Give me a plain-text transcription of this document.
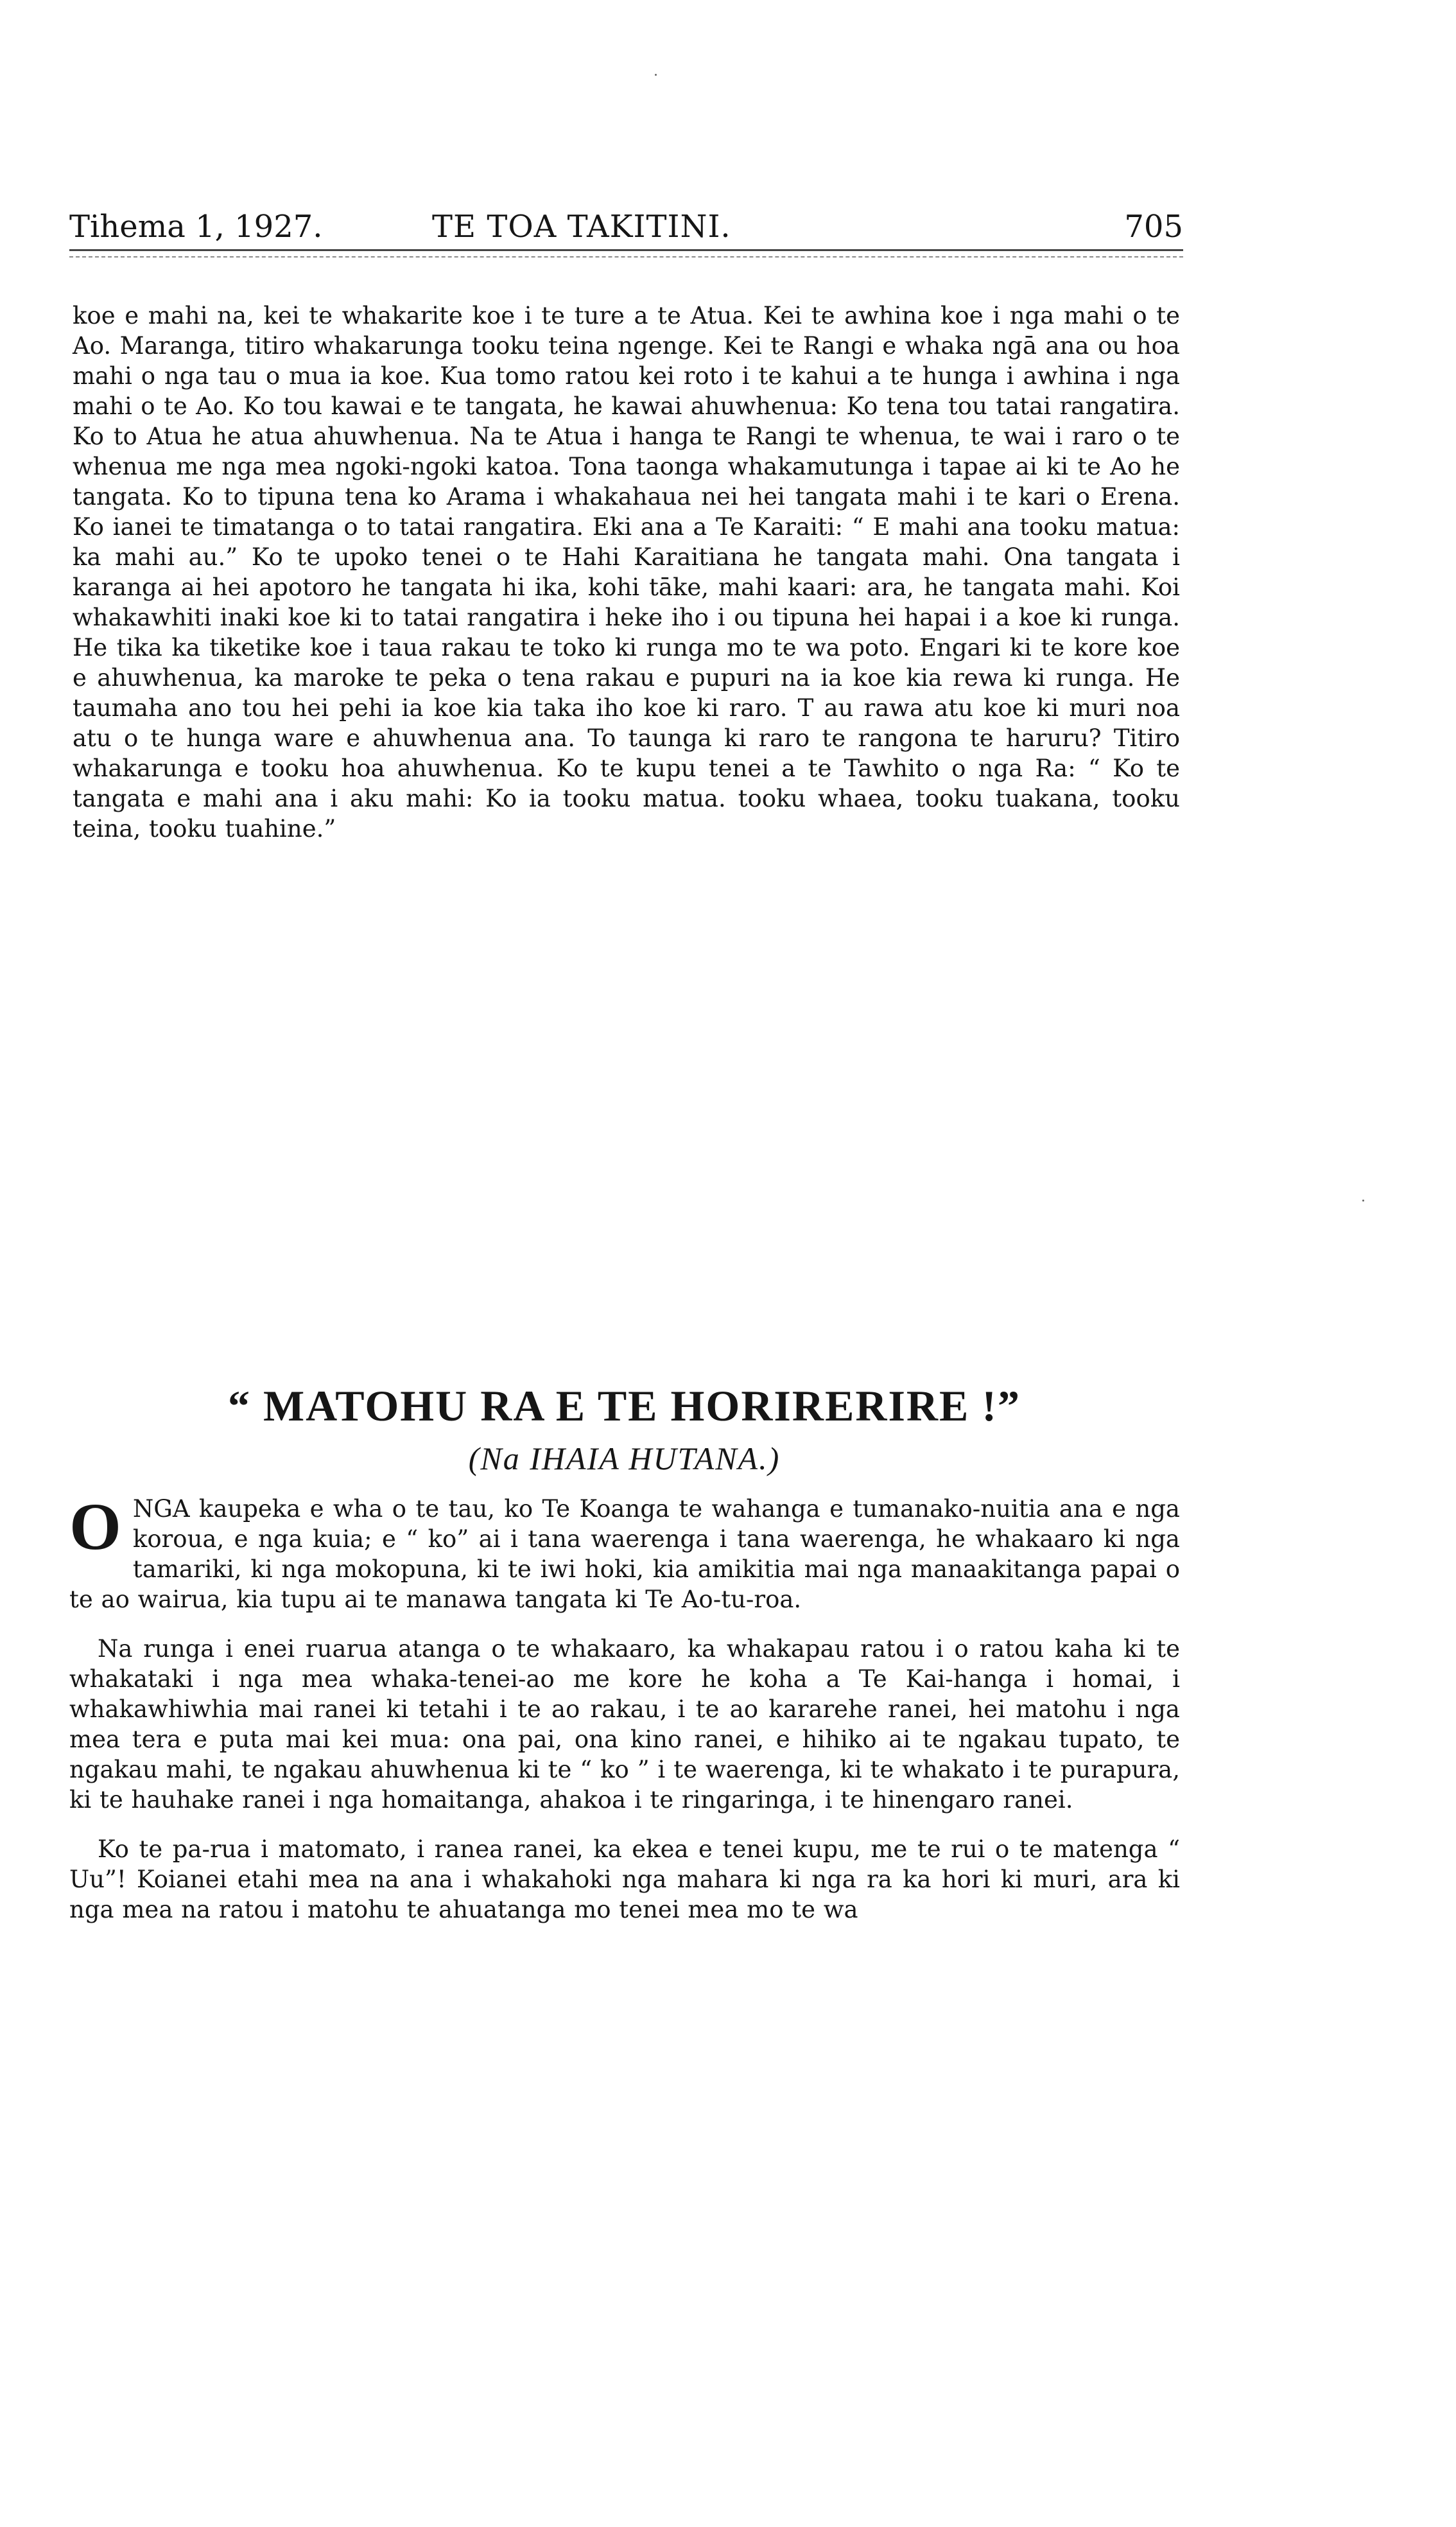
Tihema 1, 1927.	TE TOA TAKITINI.	705

koe e mahi na, kei te whakarite koe i te ture a te Atua. Kei te awhina koe i nga mahi o te Ao. Maranga, titiro whakarunga tooku teina ngenge. Kei te Rangi e whaka ngā ana ou hoa mahi o nga tau o mua ia koe. Kua tomo ratou kei roto i te kahui a te hunga i awhina i nga mahi o te Ao. Ko tou kawai e te tangata, he kawai ahuwhenua: Ko tena tou tatai rangatira. Ko to Atua he atua ahuwhenua. Na te Atua i hanga te Rangi te whenua, te wai i raro o te whenua me nga mea ngoki-ngoki katoa. Tona taonga whakamutunga i tapae ai ki te Ao he tangata. Ko to tipuna tena ko Arama i whakahaua nei hei tangata mahi i te kari o Erena. Ko ianei te timatanga o to tatai rangatira. Eki ana a Te Karaiti: “ E mahi ana tooku matua: ka mahi au.” Ko te upoko tenei o te Hahi Karaitiana he tangata mahi. Ona tangata i karanga ai hei apotoro he tangata hi ika, kohi tāke, mahi kaari: ara, he tangata mahi. Koi whakawhiti inaki koe ki to tatai rangatira i heke iho i ou tipuna hei hapai i a koe ki runga. He tika ka tiketike koe i taua rakau te toko ki runga mo te wa poto. Engari ki te kore koe e ahuwhenua, ka maroke te peka o tena rakau e pupuri na ia koe kia rewa ki runga. He taumaha ano tou hei pehi ia koe kia taka iho koe ki raro. T au rawa atu koe ki muri noa atu o te hunga ware e ahuwhenua ana. To taunga ki raro te rangona te haruru? Titiro whakarunga e tooku hoa ahuwhenua. Ko te kupu tenei a te Tawhito o nga Ra: “ Ko te tangata e mahi ana i aku mahi: Ko ia tooku matua. tooku whaea, tooku tuakana, tooku teina, tooku tuahine.”

“ MATOHU RA E TE HORIRERIRE !”
(Na IHAIA HUTANA.)

O NGA kaupeka e wha o te tau, ko Te Koanga te wahanga e tumanako-nuitia ana e nga koroua, e nga kuia; e “ ko” ai i tana waerenga i tana waerenga, he whakaaro ki nga tamariki, ki nga mokopuna, ki te iwi hoki, kia amikitia mai nga manaakitanga papai o te ao wairua, kia tupu ai te manawa tangata ki Te Ao-tu-roa.

Na runga i enei ruarua atanga o te whakaaro, ka whakapau ratou i o ratou kaha ki te whakataki i nga mea whaka-tenei-ao me kore he koha a Te Kai-hanga i homai, i whakawhiwhia mai ranei ki tetahi i te ao rakau, i te ao kararehe ranei, hei matohu i nga mea tera e puta mai kei mua: ona pai, ona kino ranei, e hihiko ai te ngakau tupato, te ngakau mahi, te ngakau ahuwhenua ki te “ ko ” i te waerenga, ki te whakato i te purapura, ki te hauhake ranei i nga homaitanga, ahakoa i te ringaringa, i te hinengaro ranei.

Ko te pa-rua i matomato, i ranea ranei, ka ekea e tenei kupu, me te rui o te matenga “ Uu”! Koianei etahi mea na ana i whakahoki nga mahara ki nga ra ka hori ki muri, ara ki nga mea na ratou i matohu te ahuatanga mo tenei mea mo te wa
